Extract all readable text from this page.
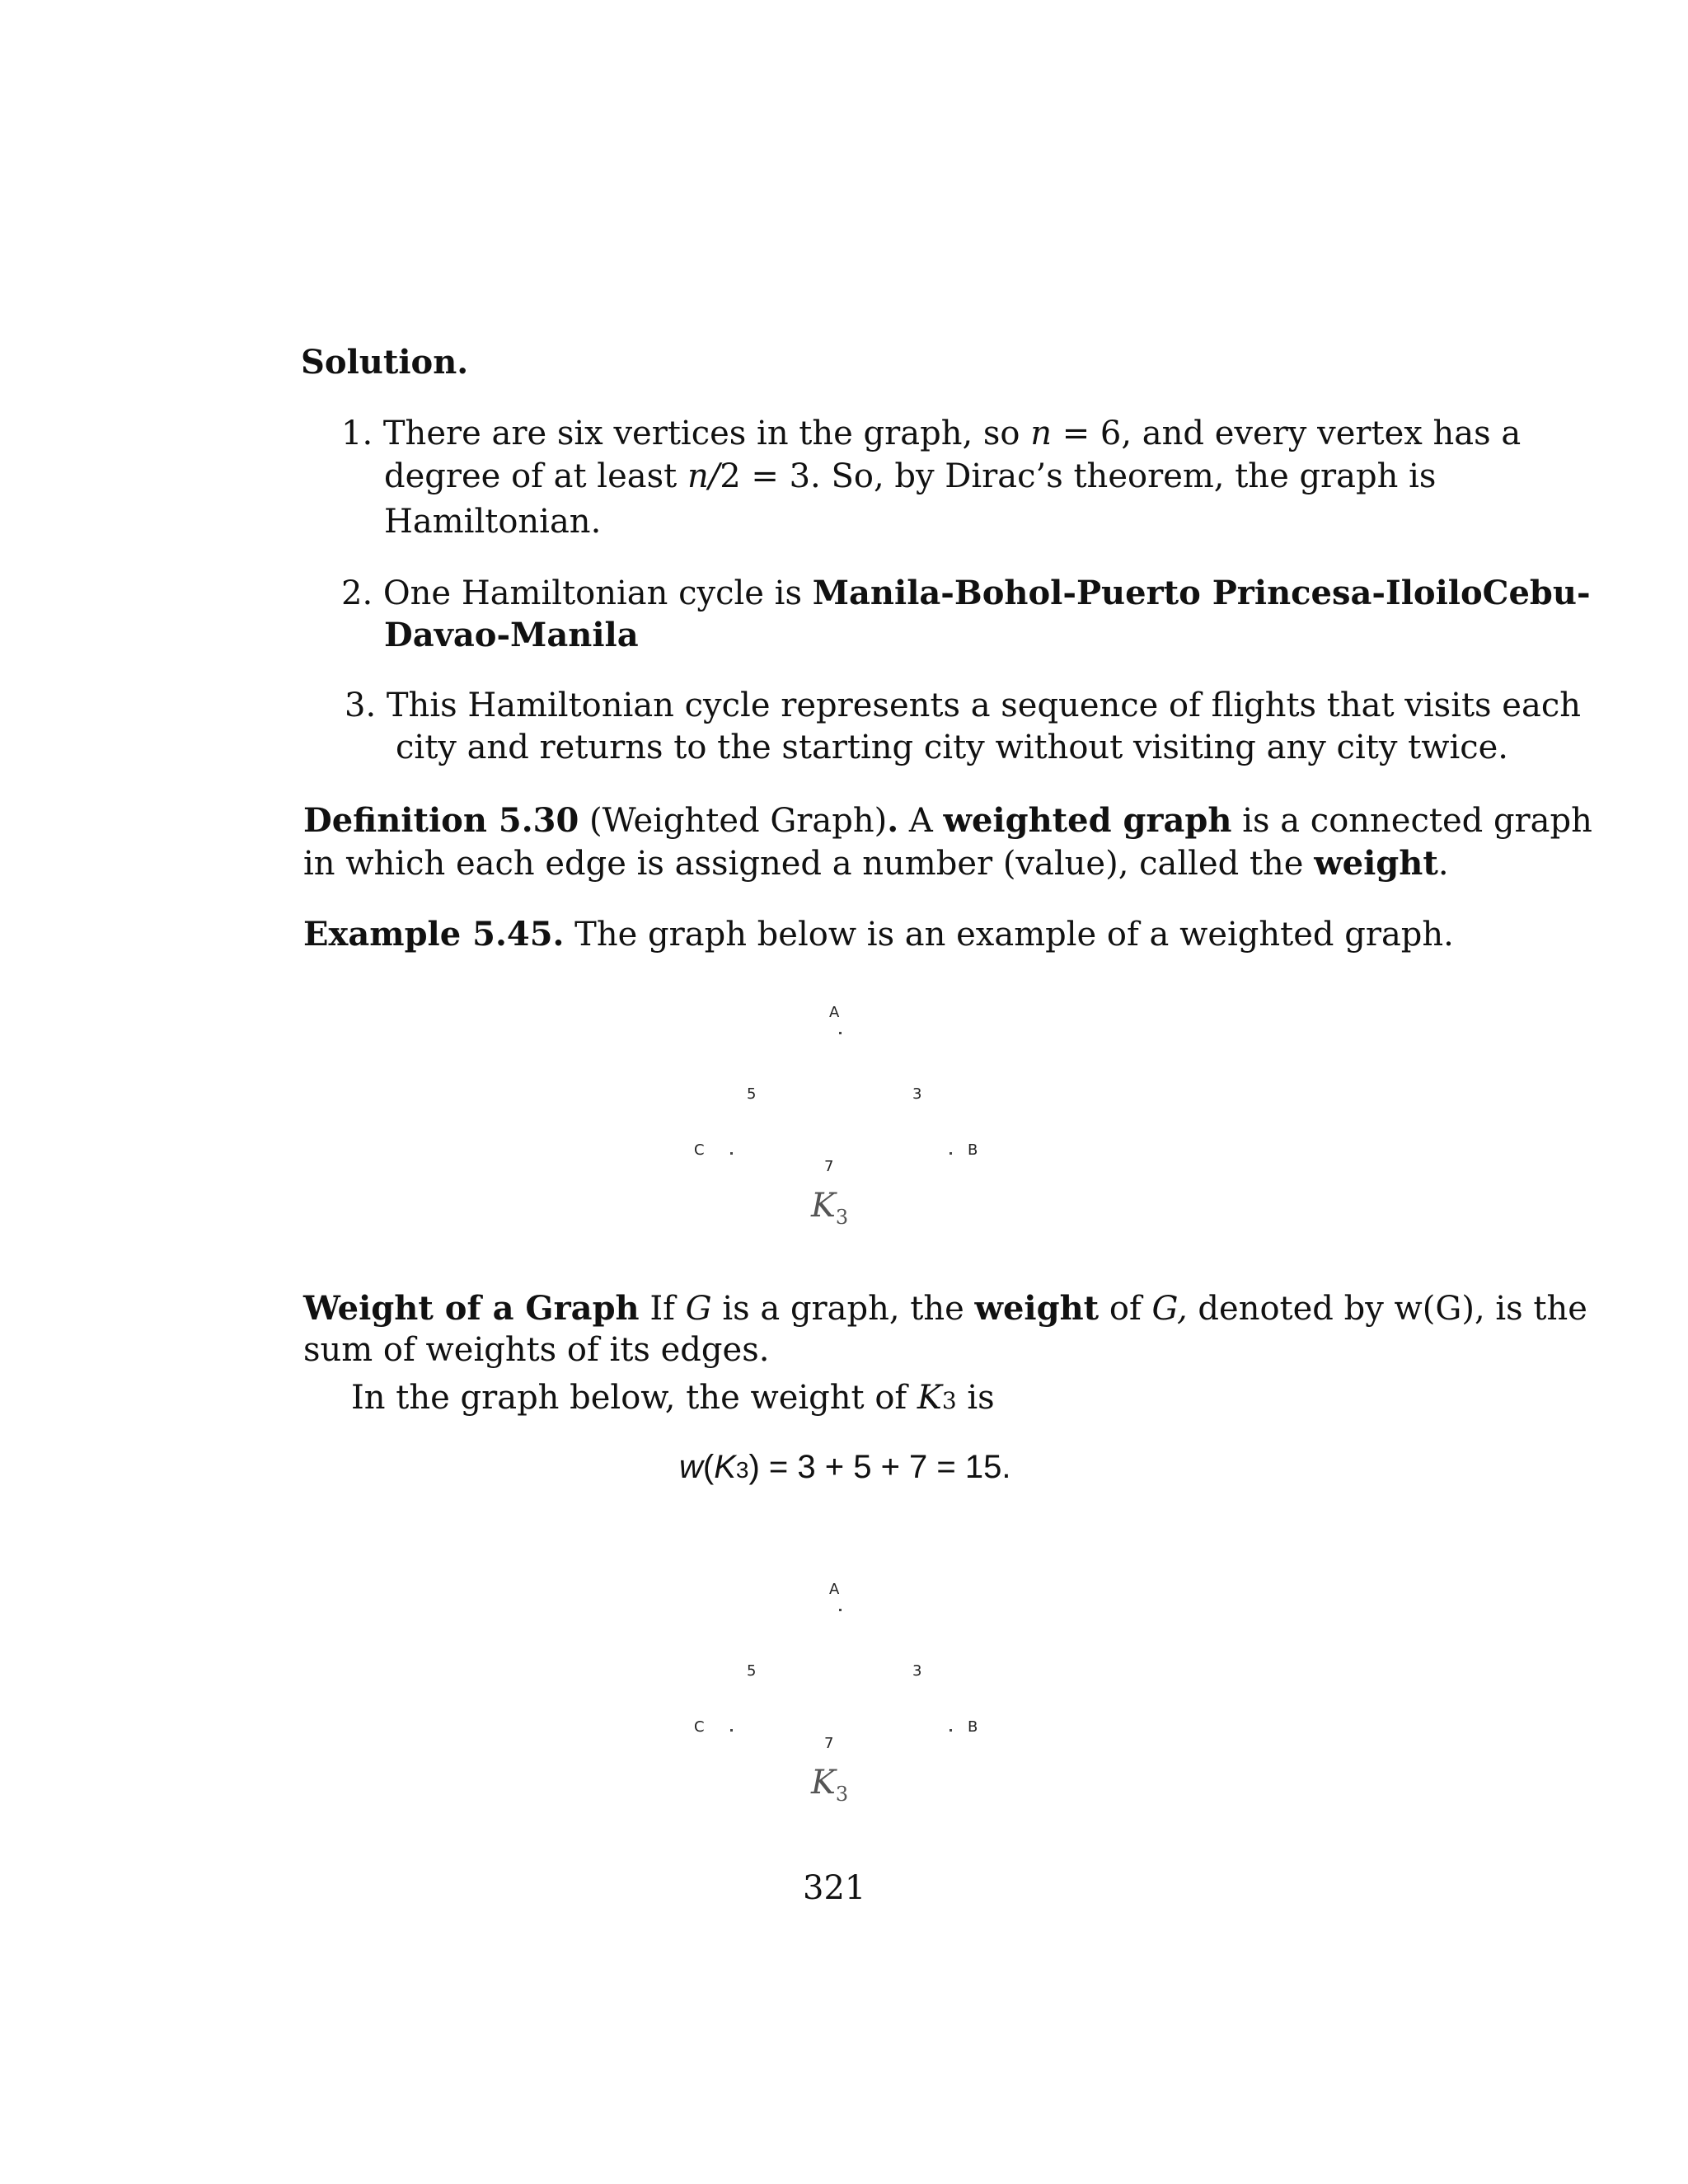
Solution.
1. There are six vertices in the graph, so n = 6, and every vertex has a
degree of at least n/2 = 3. So, by Dirac’s theorem, the graph is
Hamiltonian.
2. One Hamiltonian cycle is Manila-Bohol-Puerto Princesa-IloiloCebu-
Davao-Manila
3. This Hamiltonian cycle represents a sequence of flights that visits each
city and returns to the starting city without visiting any city twice.
Definition 5.30 (Weighted Graph). A weighted graph is a connected graph
in which each edge is assigned a number (value), called the weight.
Example 5.45. The graph below is an example of a weighted graph.
A
5	3
C	B
7
$K_3$
Weight of a Graph If G is a graph, the weight of G, denoted by w(G), is the
sum of weights of its edges.
In the graph below, the weight of K3 is
w(K3) = 3 + 5 + 7 = 15.
A
5	3
C	B
7
$K_3$
321
